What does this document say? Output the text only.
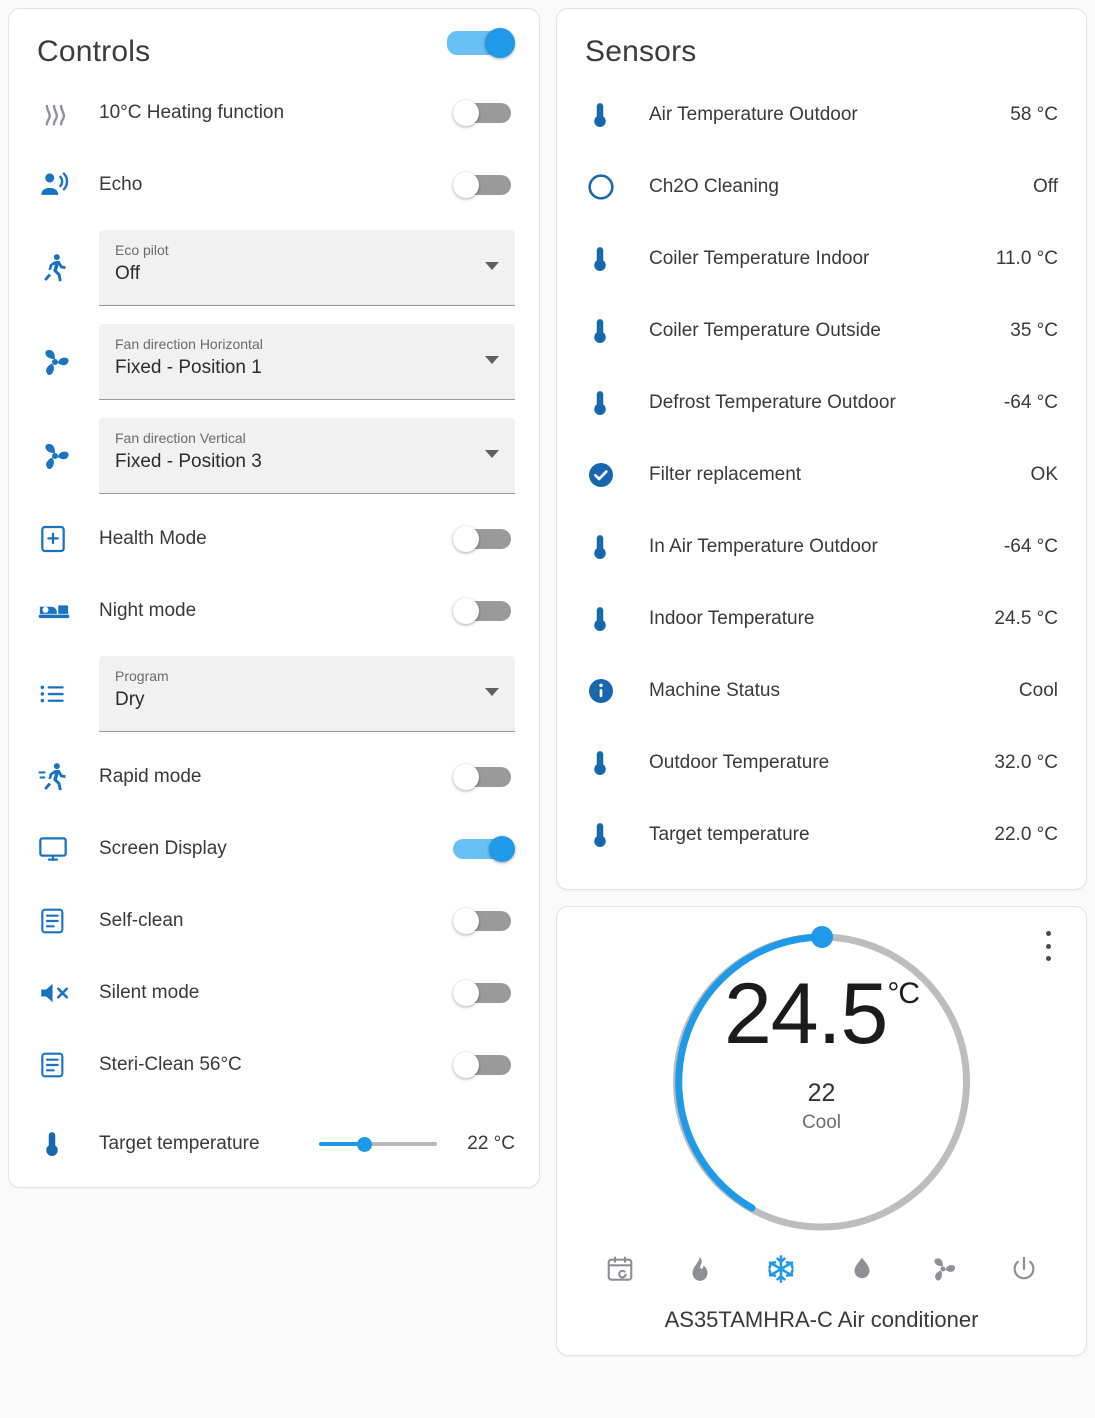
Controls
10°C Heating function
Echo
Eco pilot
Off
Fan direction Horizontal
Fixed - Position 1
Fan direction Vertical
Fixed - Position 3
Health Mode
Night mode
Program
Dry
Rapid mode
Screen Display
Self-clean
Silent mode
Steri-Clean 56°C
Target temperature	22 °C
Sensors
Air Temperature Outdoor	58 °C
Ch2O Cleaning	Off
Coiler Temperature Indoor	11.0 °C
Coiler Temperature Outside	35 °C
Defrost Temperature Outdoor	-64 °C
Filter replacement	OK
In Air Temperature Outdoor	-64 °C
Indoor Temperature	24.5 °C
Machine Status	Cool
Outdoor Temperature	32.0 °C
Target temperature	22.0 °C
$24.5^{^\circ C}$
22
Cool
AS35TAMHRA-C Air conditioner
